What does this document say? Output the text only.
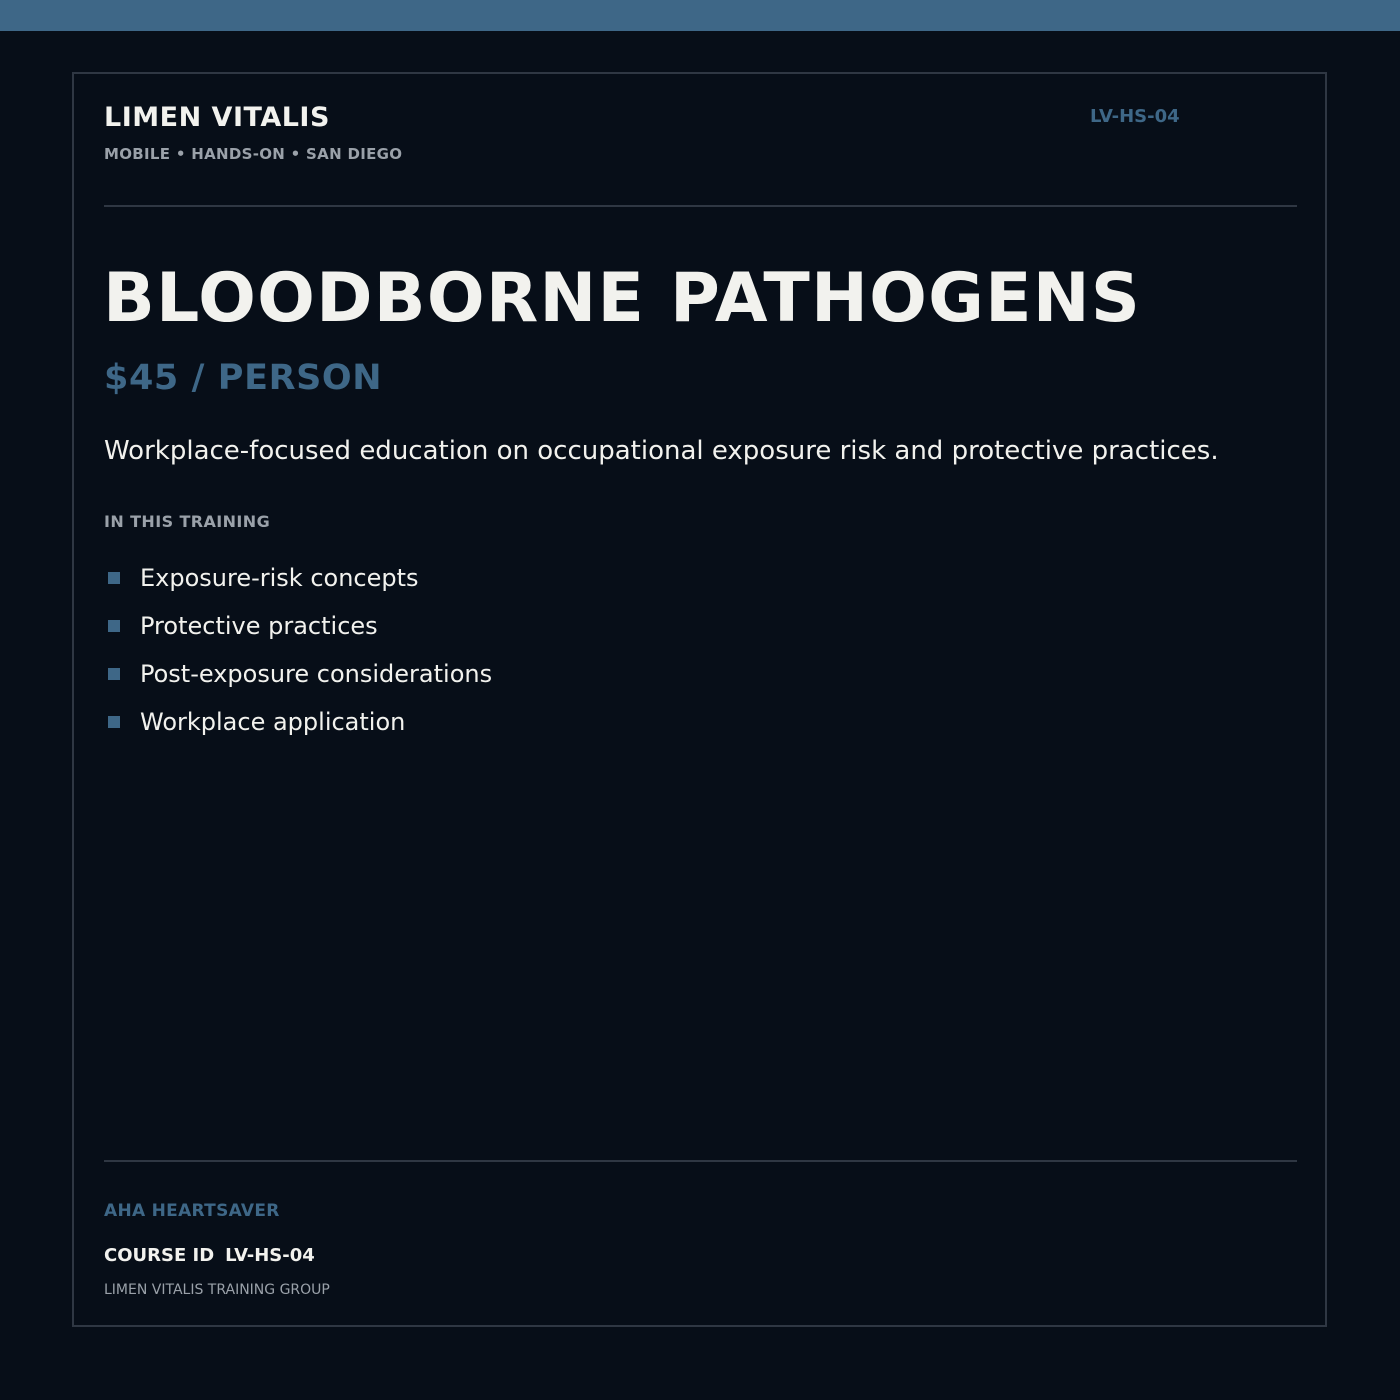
LIMEN VITALIS
MOBILE • HANDS-ON • SAN DIEGO
LV-HS-04
BLOODBORNE PATHOGENS
$45 / PERSON
Workplace-focused education on occupational exposure risk and protective practices.
IN THIS TRAINING
Exposure-risk concepts
Protective practices
Post-exposure considerations
Workplace application
AHA HEARTSAVER
COURSE ID LV-HS-04
LIMEN VITALIS TRAINING GROUP
